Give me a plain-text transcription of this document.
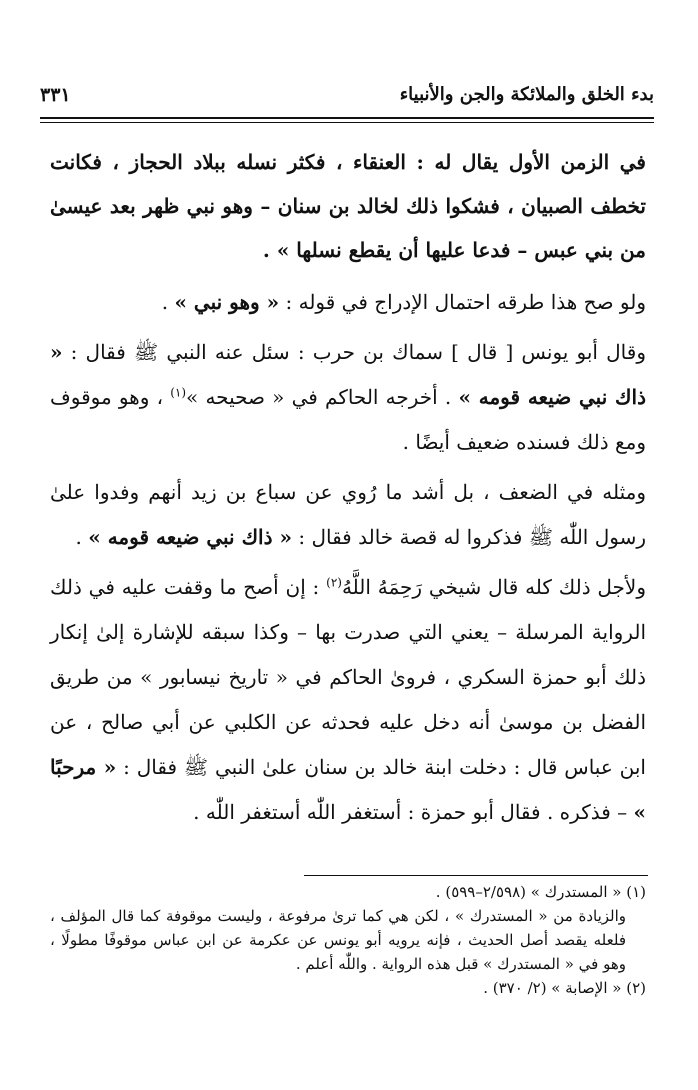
بدء الخلق والملائكة والجن والأنبياء
٣٣١

في الزمن الأول يقال له : العنقاء ، فكثر نسله ببلاد الحجاز ، فكانت تخطف الصبيان ، فشكوا ذلك لخالد بن سنان – وهو نبي ظهر بعد عيسىٰ من بني عبس – فدعا عليها أن يقطع نسلها » .

ولو صح هذا طرقه احتمال الإدراج في قوله : « وهو نبي » .

وقال أبو يونس [ قال ] سماك بن حرب : سئل عنه النبي ﷺ فقال : « ذاك نبي ضيعه قومه » . أخرجه الحاكم في « صحيحه »$^{(١)}$ ، وهو موقوف ومع ذلك فسنده ضعيف أيضًا .

ومثله في الضعف ، بل أشد ما رُوي عن سباع بن زيد أنهم وفدوا علىٰ رسول اللّٰه ﷺ فذكروا له قصة خالد فقال : « ذاك نبي ضيعه قومه » .

ولأجل ذلك كله قال شيخي رَحِمَهُ اللَّهُ$^{(٢)}$ : إن أصح ما وقفت عليه في ذلك الرواية المرسلة – يعني التي صدرت بها – وكذا سبقه للإشارة إلىٰ إنكار ذلك أبو حمزة السكري ، فروىٰ الحاكم في « تاريخ نيسابور » من طريق الفضل بن موسىٰ أنه دخل عليه فحدثه عن الكلبي عن أبي صالح ، عن ابن عباس قال : دخلت ابنة خالد بن سنان علىٰ النبي ﷺ فقال : « مرحبًا » – فذكره . فقال أبو حمزة : أستغفر اللّٰه أستغفر اللّٰه .

(١) « المستدرك » (٢/٥٩٨–٥٩٩) .

والزيادة من « المستدرك » ، لكن هي كما ترىٰ مرفوعة ، وليست موقوفة كما قال المؤلف ، فلعله يقصد أصل الحديث ، فإنه يرويه أبو يونس عن عكرمة عن ابن عباس موقوفًا مطولًا ، وهو في « المستدرك » قبل هذه الرواية . واللّٰه أعلم .

(٢) « الإصابة » (٢/ ٣٧٠) .
